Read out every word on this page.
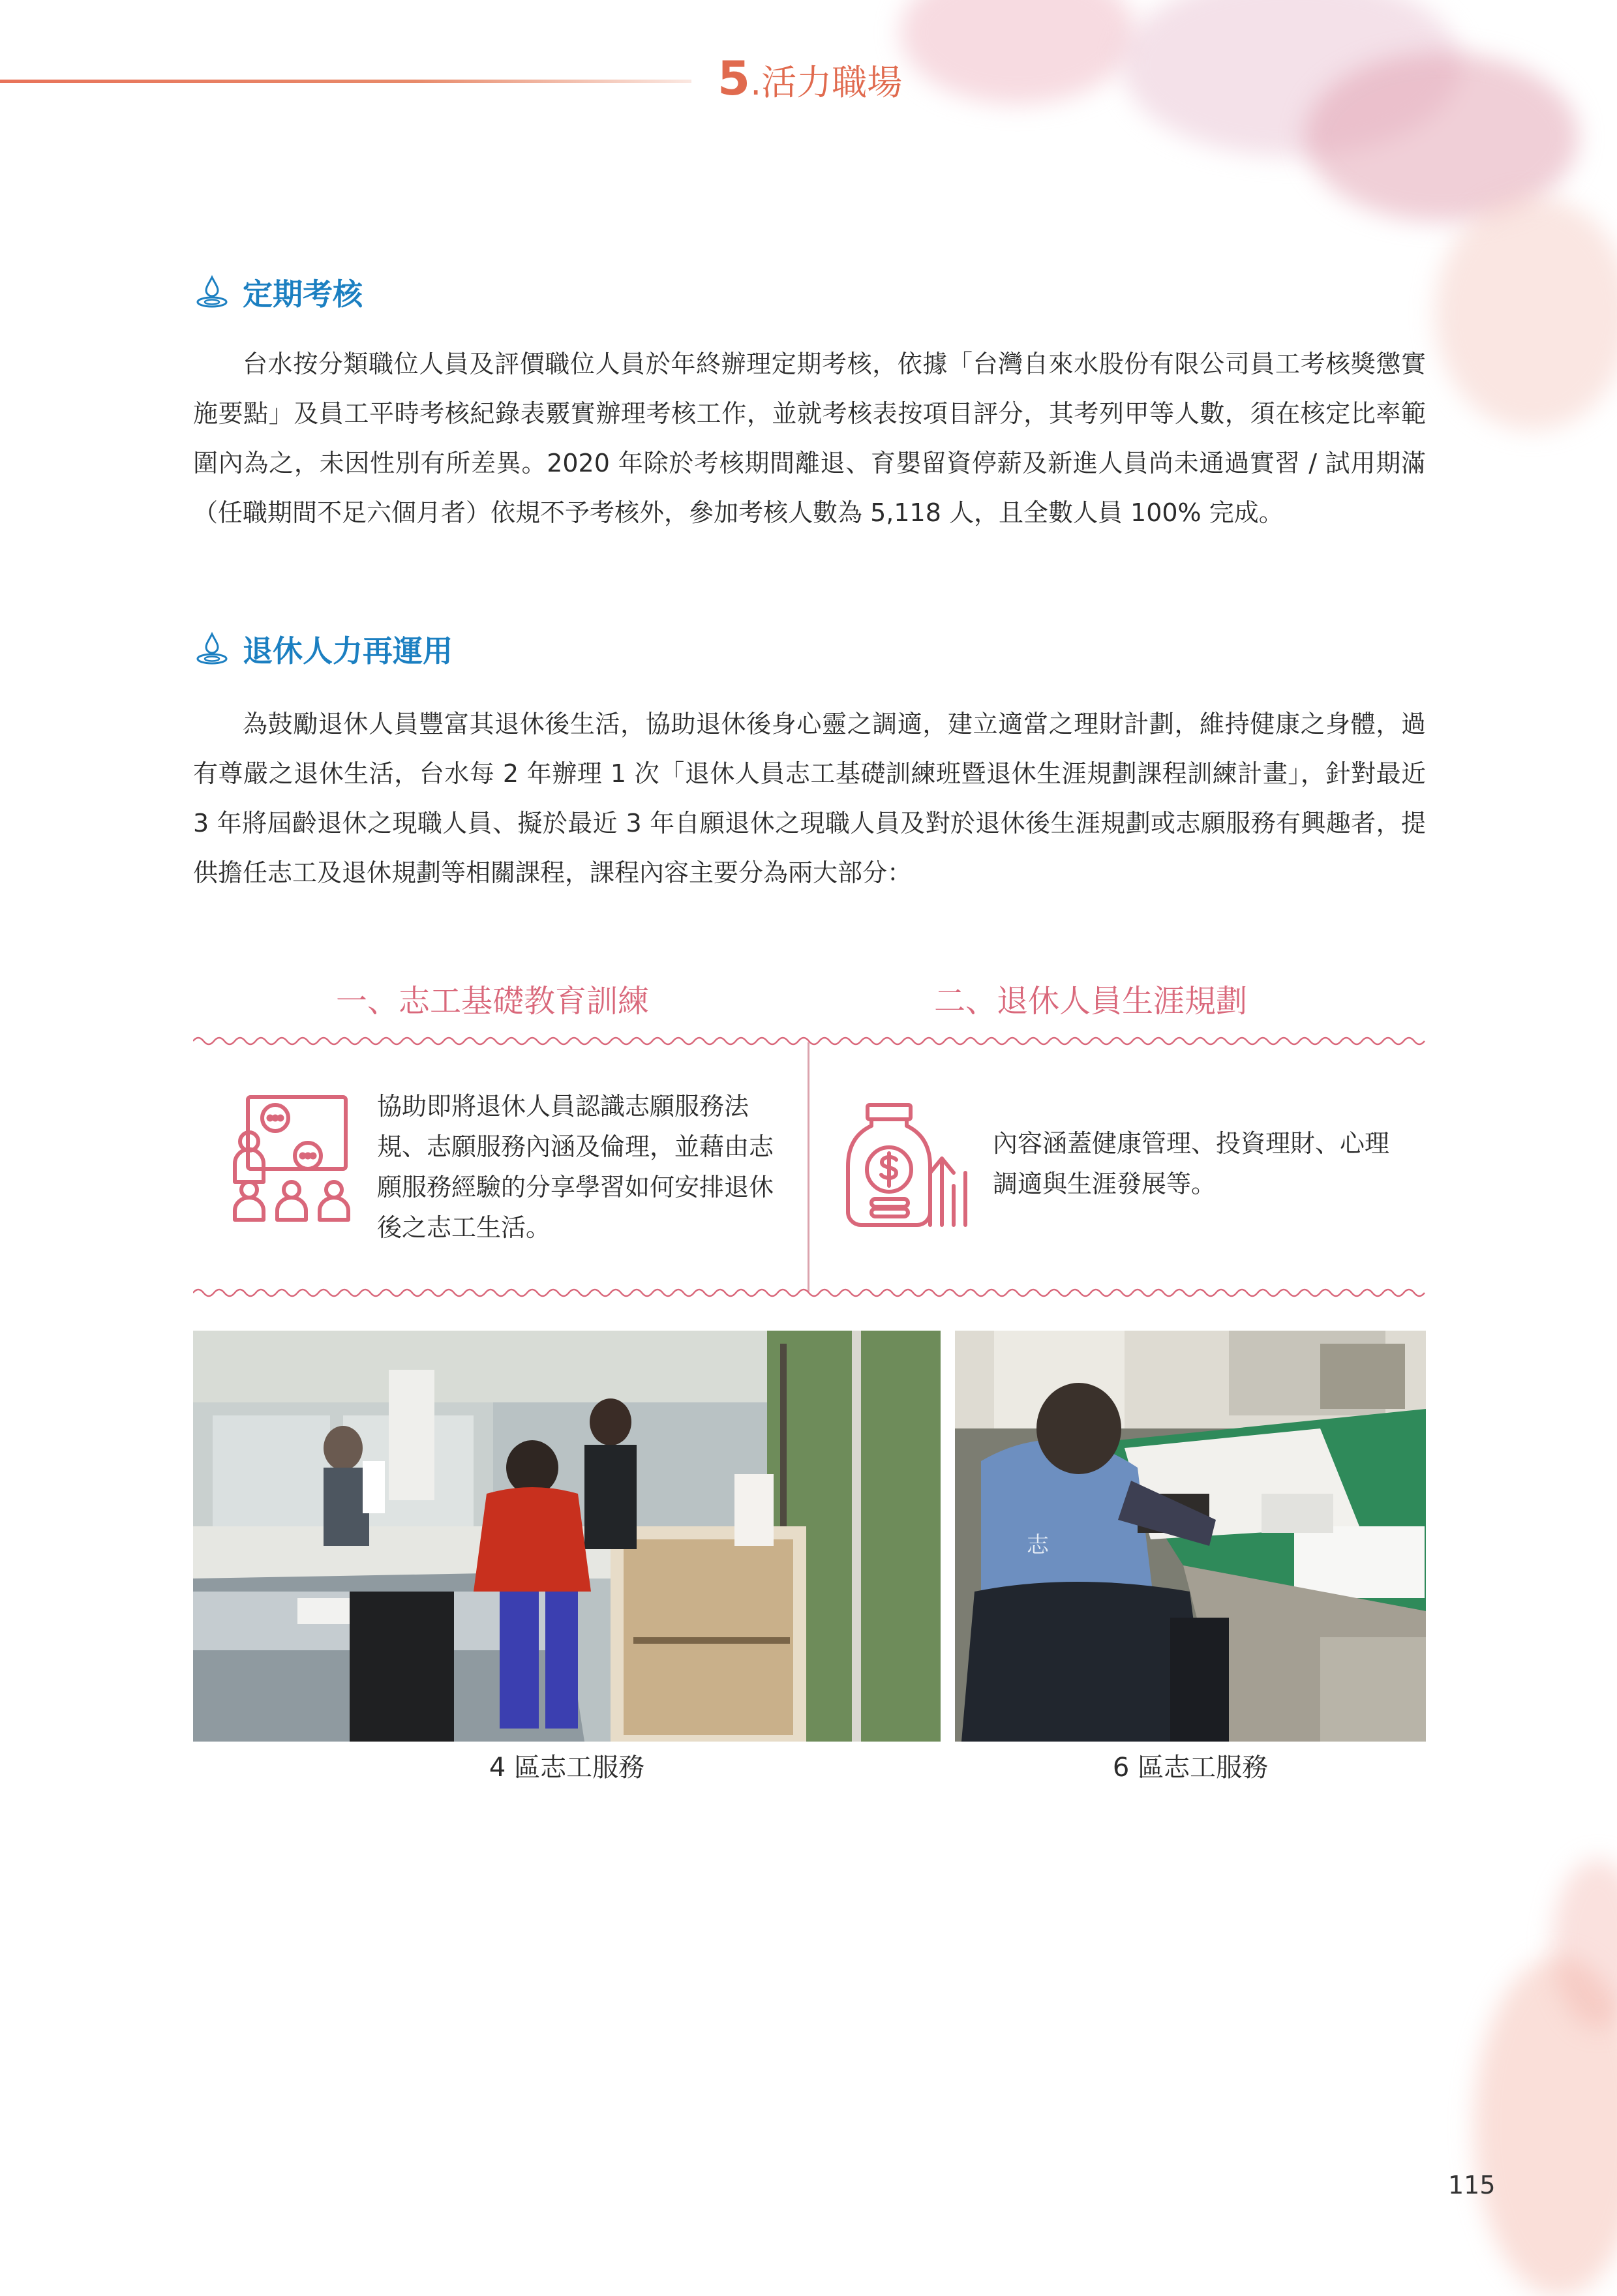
5.活力職場
定期考核

台水按分類職位人員及評價職位人員於年終辦理定期考核，依據「台灣自來水股份有限公司員工考核獎懲實施要點」及員工平時考核紀錄表覈實辦理考核工作，並就考核表按項目評分，其考列甲等人數，須在核定比率範圍內為之，未因性別有所差異。2020 年除於考核期間離退、育嬰留資停薪及新進人員尚未通過實習 / 試用期滿（任職期間不足六個月者）依規不予考核外，參加考核人數為 5,118 人，且全數人員 100% 完成。

退休人力再運用

為鼓勵退休人員豐富其退休後生活，協助退休後身心靈之調適，建立適當之理財計劃，維持健康之身體，過有尊嚴之退休生活，台水每 2 年辦理 1 次「退休人員志工基礎訓練班暨退休生涯規劃課程訓練計畫」，針對最近 3 年將屆齡退休之現職人員、擬於最近 3 年自願退休之現職人員及對於退休後生涯規劃或志願服務有興趣者，提供擔任志工及退休規劃等相關課程，課程內容主要分為兩大部分：

一、志工基礎教育訓練	二、退休人員生涯規劃
協助即將退休人員認識志願服務法規、志願服務內涵及倫理，並藉由志願服務經驗的分享學習如何安排退休後之志工生活。
內容涵蓋健康管理、投資理財、心理調適與生涯發展等。
4 區志工服務
志
6 區志工服務
115
